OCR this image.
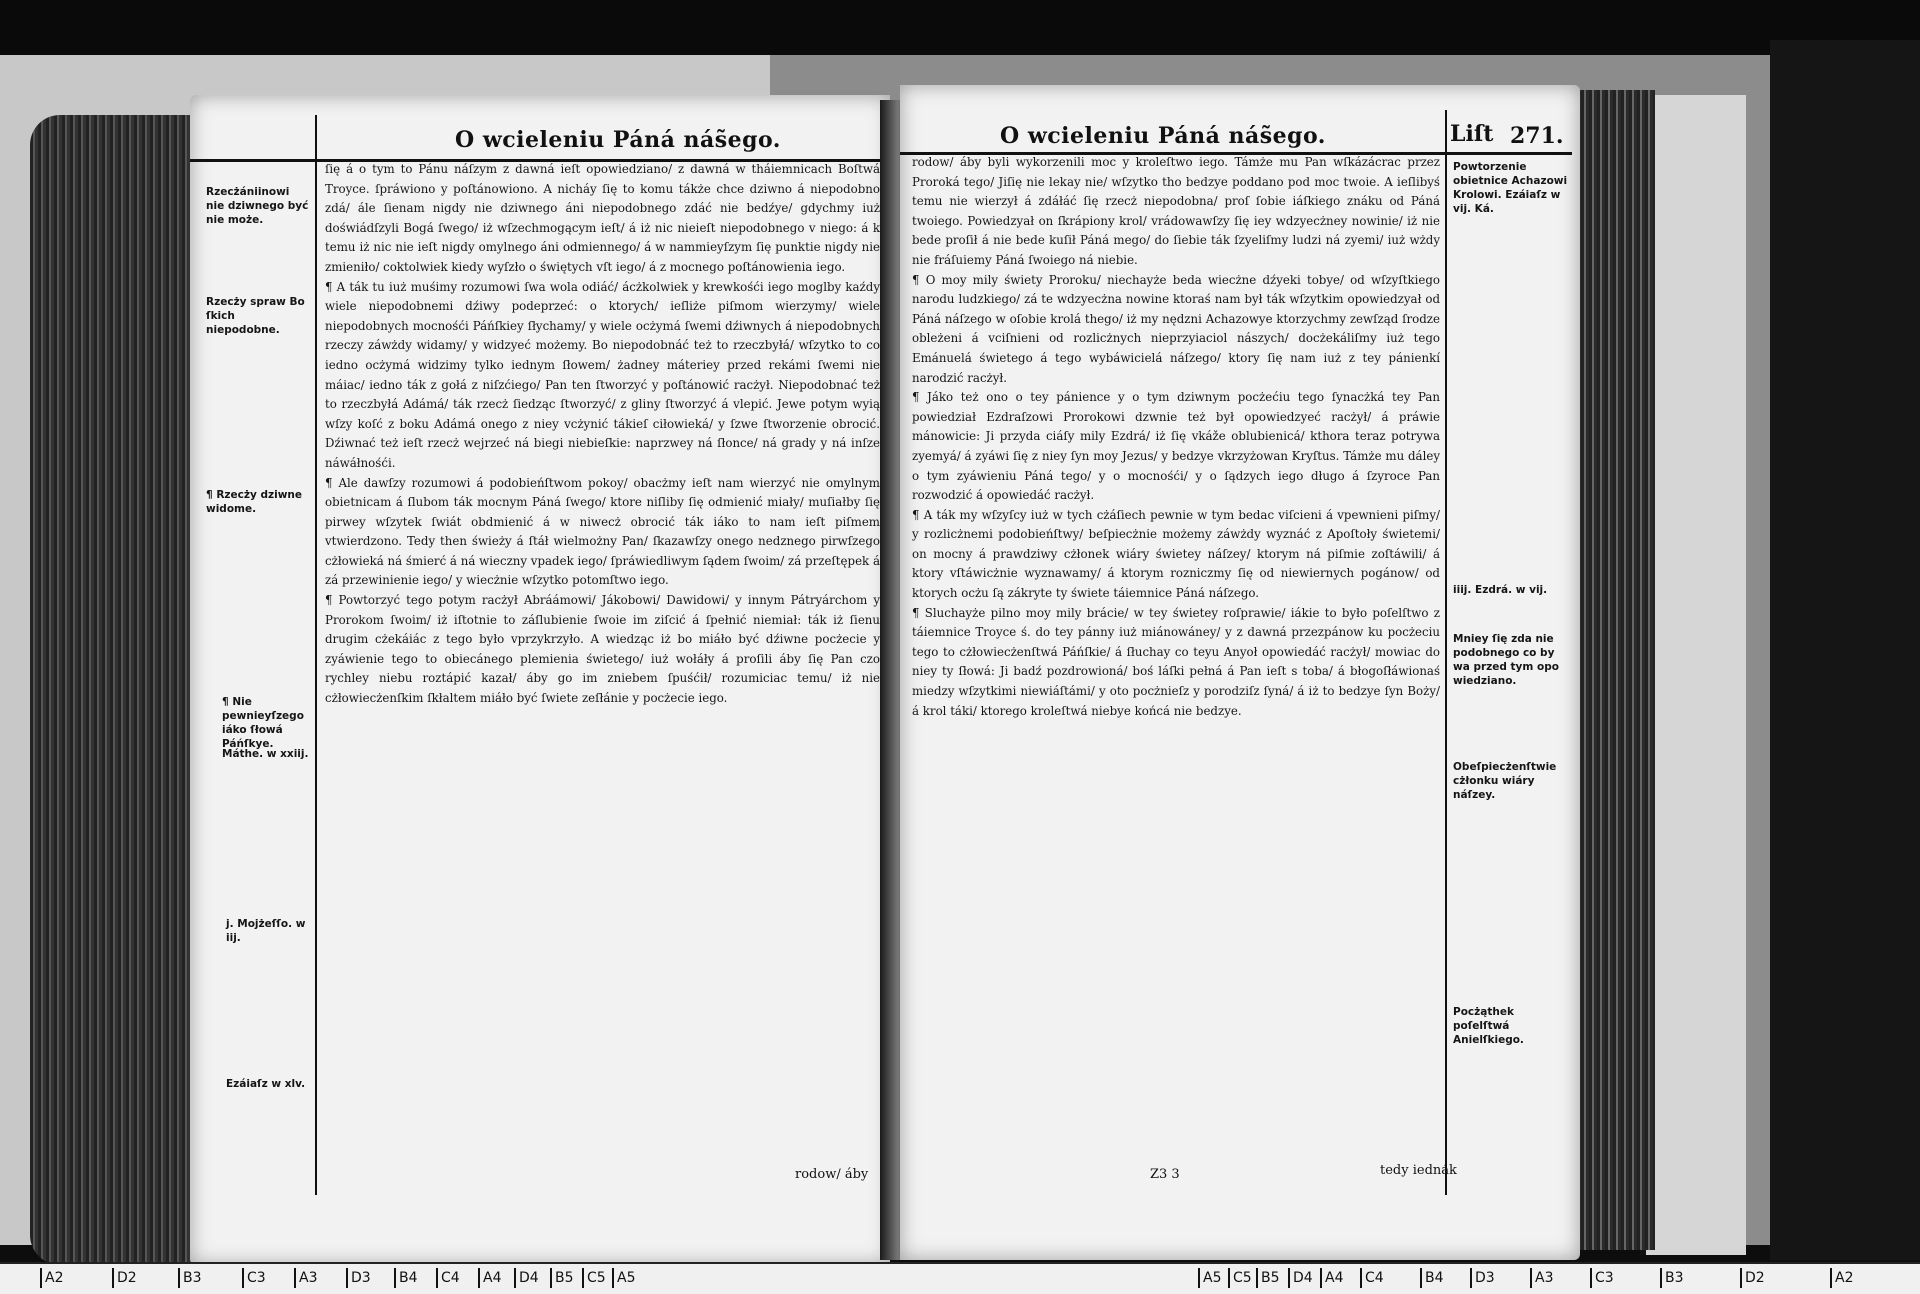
O wcieleniu Páná nás̃ego.
Rzecżániinowi nie dziwnego być nie może.
Rzecży spraw Bo ſkich niepodobne.
¶ Rzecży dziwne widome.
¶ Nie pewnieyſzego iáko ſłowá Páńſkye.
Máthe. w xxiij.
j. Mojżeſſo. w iij.
Ezáiaſz w xlv.

ſię á o tym to Pánu náſzym z dawná ieſt opowiedziano/ z dawná w tháiemnicach Boſtwá Troyce. ſpráwiono y poſtánowiono. A nicháy ſię to komu tákże chce dziwno á niepodobno zdá/ ále ſienam nigdy nie dziwnego áni niepodobnego zdáć nie bedźye/ gdychmy iuż doświádſzyli Bogá ſwego/ iż wſzechmogącym ieſt/ á iż nic nieieſt niepodobnego v niego: á k temu iż nic nie ieſt nigdy omylnego áni odmiennego/ á w nammieyſzym ſię punktie nigdy nie zmieniło/ coktolwiek kiedy wyſzło o świętych vſt iego/ á z mocnego poſtánowienia iego.

¶ A ták tu iuż muśimy rozumowi ſwa wola odiáć/ ácżkolwiek y krewkośći iego moglby kaźdy wiele niepodobnemi dźiwy podeprzeć: o ktorych/ ieſliże piſmom wierzymy/ wiele niepodobnych mocnośći Páńſkiey ſłychamy/ y wiele ocżymá ſwemi dźiwnych á niepodobnych rzeczy záwżdy widamy/ y widzyeć możemy. Bo niepodobnáć też to rzeczbyłá/ wſzytko to co iedno ocżymá widzimy tylko iednym ſłowem/ żadney máteriey przed rekámi ſwemi nie máiac/ iedno ták z gołá z niſzćiego/ Pan ten ſtworzyć y poſtánowić racżył. Niepodobnać też to rzeczbyłá Adámá/ ták rzecż ſiedząc ſtworzyć/ z gliny ſtworzyć á vlepić. Jewe potym wyią wſzy koſć z boku Adámá onego z niey vcżynić tákieſ ciłowieká/ y ſzwe ſtworzenie obrocić. Dźiwnać też ieſt rzecż wejrzeć ná biegi niebieſkie: naprzwey ná ſłonce/ ná grady y ná inſze náwáłnośći.

¶ Ale dawſzy rozumowi á podobieńſtwom pokoy/ obacżmy ieſt nam wierzyć nie omylnym obietnicam á ſlubom ták mocnym Páná ſwego/ ktore niſliby ſię odmienić miały/ muſiałby ſię pirwey wſzytek ſwiát obdmienić á w niwecż obrocić ták iáko to nam ieſt piſmem vtwierdzono. Tedy then świeży á ſtáł wielmożny Pan/ ſkazawſzy onego nedznego pirwſzego cżłowieká ná śmierć á ná wieczny vpadek iego/ ſpráwiedliwym ſądem ſwoim/ zá przeſtępek á zá przewinienie iego/ y wiecżnie wſzytko potomſtwo iego.

¶ Powtorzyć tego potym racżył Abráámowi/ Jákobowi/ Dawidowi/ y innym Pátryárchom y Prorokom ſwoim/ iż iſtotnie to záſlubienie ſwoie im ziſcić á ſpełnić niemiał: ták iż ſienu drugim cżekáiác z tego było vprzykrzyło. A wiedząc iż bo miáło być dźiwne pocżecie y zyáwienie tego to obiecánego plemienia świetego/ iuż wołáły á proſili áby ſię Pan czo rychley niebu roztápić kazał/ áby go im zniebem ſpuśćił/ rozumiciac temu/ iż nie cżłowiecżenſkim ſkłaltem miáło być ſwiete zeſłánie y pocżecie iego.

rodow/ áby
O wcieleniu Páná nás̃ego.	Liſt 271.

rodow/ áby byli wykorzenili moc y kroleſtwo iego. Támże mu Pan wſkázácrac przez Proroká tego/ Jiſię nie lekay nie/ wſzytko tho bedzye poddano pod moc twoie. A ieſlibyś temu nie wierzył á zdáłáć ſię rzecż niepodobna/ proſ ſobie iáſkiego znáku od Páná twoiego. Powiedzyał on ſkrápiony krol/ vrádowawſzy ſię iey wdzyecżney nowinie/ iż nie bede proſił á nie bede kuſił Páná mego/ do ſiebie ták ſzyeliſmy ludzi ná zyemi/ iuż wżdy nie fráſuiemy Páná ſwoiego ná niebie.

¶ O moy mily świety Proroku/ niechayże beda wiecżne dźyeki tobye/ od wſzyſtkiego narodu ludzkiego/ zá te wdzyecżna nowine ktoraś nam był ták wſzytkim opowiedzyał od Páná náſzego w oſobie krolá thego/ iż my nędzni Achazowye ktorzychmy zewſząd ſrodze obleżeni á vciſnieni od rozlicżnych nieprzyiaciol nászych/ docżekáliſmy iuż tego Emánuelá świetego á tego wybáwicielá náſzego/ ktory ſię nam iuż z tey pánienkí narodzić racżył.

¶ Jáko też ono o tey pánience y o tym dziwnym pocżećiu tego ſynacżká tey Pan powiedział Ezdraſzowi Prorokowi dzwnie też był opowiedzyeć racżył/ á práwie mánowicie: Ji przyda ciáſy mily Ezdrá/ iż ſię vkáže oblubienicá/ kthora teraz potrywa zyemyá/ á zyáwi ſię z niey ſyn moy Jezus/ y bedzye vkrzyżowan Kryſtus. Támże mu dáley o tym zyáwieniu Páná tego/ y o mocnośći/ y o ſądzych iego długo á ſzyroce Pan rozwodzić á opowiedáć racżył.

¶ A ták my wſzyſcy iuż w tych cżáſiech pewnie w tym bedac viſcieni á vpewnieni piſmy/ y rozlicżnemi podobieńſtwy/ beſpiecżnie możemy záwżdy wyznáć z Apoſtoły świetemi/ on mocny á prawdziwy cżłonek wiáry świetey náſzey/ ktorym ná piſmie zoſtáwili/ á ktory vſtáwicżnie wyznawamy/ á ktorym rozniczmy ſię od niewiernych pogánow/ od ktorych ocżu ſą zákryte ty świete táiemnice Páná náſzego.

¶ Sluchayże pilno moy mily brácie/ w tey świetey roſprawie/ iákie to było poſelſtwo z táiemnice Troyce ś. do tey pánny iuż miánowáney/ y z dawná przezpánow ku pocżeciu tego to cżłowiecżenſtwá Páńſkie/ á ſłuchay co teyu Anyoł opowiedáć racżył/ mowiac do niey ty ſłowá: Ji badź pozdrowioná/ boś láſki pełná á Pan ieſt s toba/ á błogoſłáwionaś miedzy wſzytkimi niewiáſtámi/ y oto pocżnieſz y porodziſz ſyná/ á iż to bedzye ſyn Boży/ á krol táki/ ktorego kroleſtwá niebye końcá nie bedzye.

Powtorzenie obietnice Achazowi Krolowi. Ezáiaſz w vij. Ká.
iiij. Ezdrá. w vij.
Mniey ſię zda nie podobnego co by wa przed tym opo wiedziano.
Obeſpiecżenſtwie cżłonku wiáry náſzey.
Pocżąthek poſelſtwá Anielſkiego.
Z3 3	tedy iednák
A2	D2	B3	C3	A3	D3	B4	C4	A4	D4	B5 C5 A5	A5 C5 B5 D4 A4	C4	B4	D3	A3	C3	B3	D2	A2
